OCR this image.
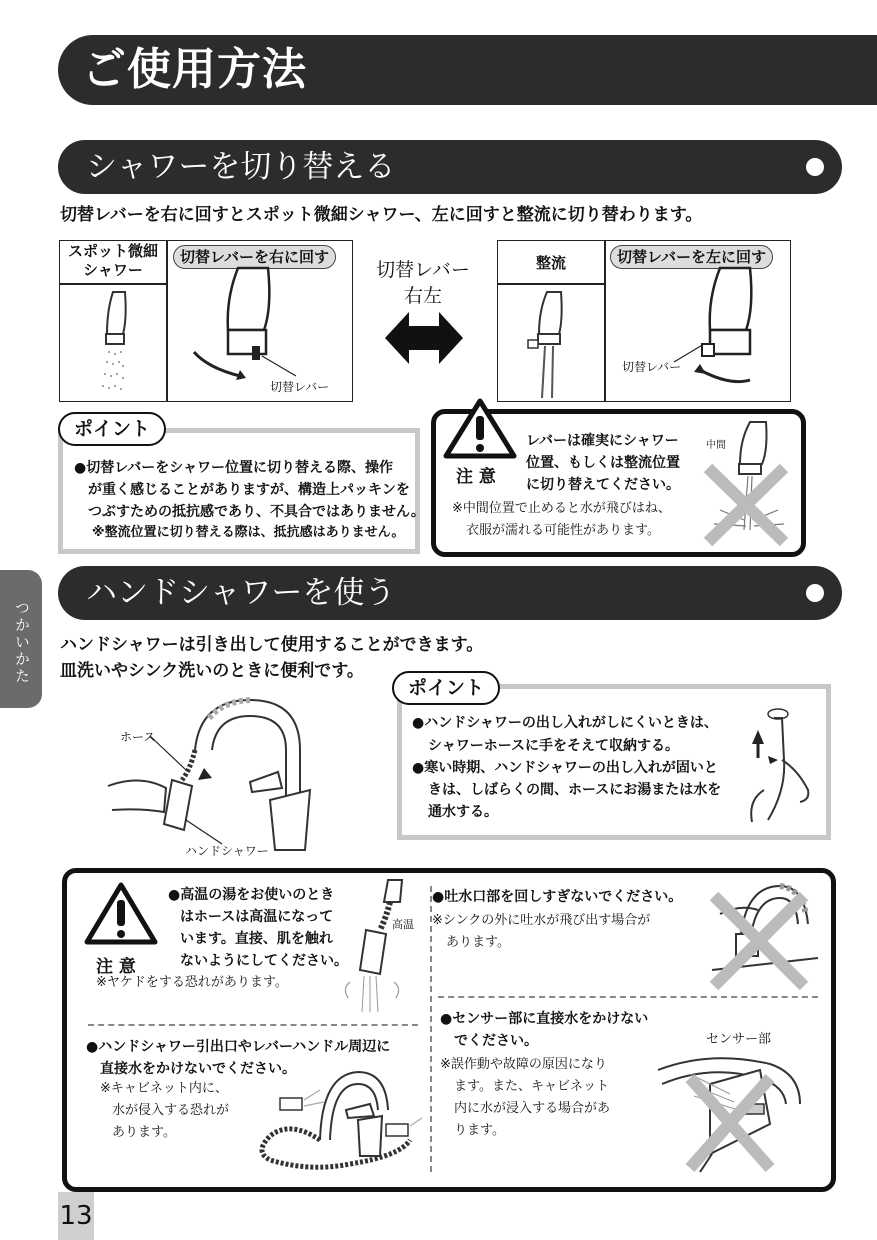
ご使用方法
つかいかた
シャワーを切り替える
切替レバーを右に回すとスポット微細シャワー、左に回すと整流に切り替わります。
スポット微細
シャワー
切替レバーを右に回す
切替レバー
切替レバー
右左
整流	切替レバーを左に回す
切替レバー
ポイント
●切替レバーをシャワー位置に切り替える際、操作
が重く感じることがありますが、構造上パッキンを
つぶすための抵抗感であり、不具合ではありません。
※整流位置に切り替える際は、抵抗感はありません。
注 意
レバーは確実にシャワー
位置、もしくは整流位置
に切り替えてください。
※中間位置で止めると水が飛びはね、
衣服が濡れる可能性があります。
中間
ハンドシャワーを使う
ハンドシャワーは引き出して使用することができます。
皿洗いやシンク洗いのときに便利です。
ホース
ハンドシャワー
ポイント
●ハンドシャワーの出し入れがしにくいときは、
シャワーホースに手をそえて収納する。
●寒い時期、ハンドシャワーの出し入れが固いと
きは、しばらくの間、ホースにお湯または水を
通水する。
注 意
●高温の湯をお使いのとき
はホースは高温になって
います。直接、肌を触れ
ないようにしてください。
※ヤケドをする恐れがあります。
高温
●吐水口部を回しすぎないでください。
※シンクの外に吐水が飛び出す場合が
あります。
●ハンドシャワー引出口やレバーハンドル周辺に
直接水をかけないでください。
※キャビネット内に、
水が侵入する恐れが
あります。
●センサー部に直接水をかけない
でください。
※誤作動や故障の原因になり
ます。また、キャビネット
内に水が浸入する場合があ
ります。
センサー部
13
